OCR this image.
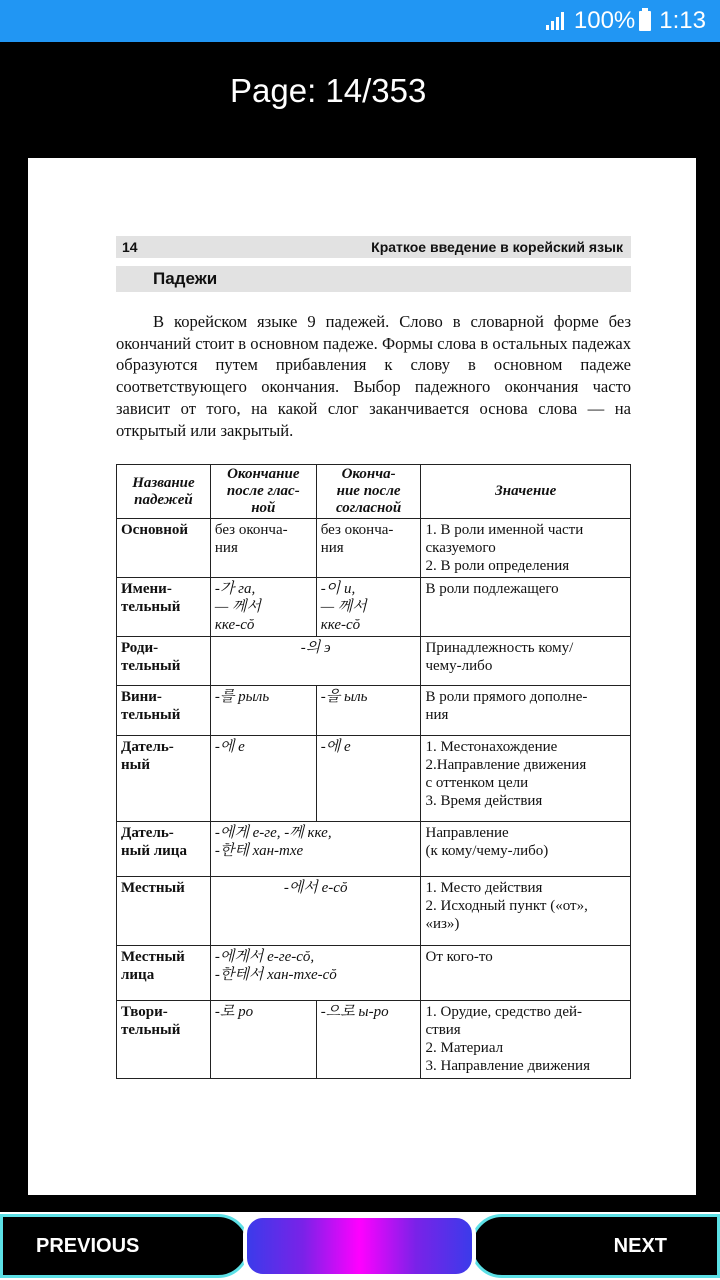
100% 1:13
Page: 14/353
14	Краткое введение в корейский язык
Падежи

В корейском языке 9 падежей. Слово в словарной форме без окончаний стоит в основном падеже. Формы слова в остальных падежах образуются путем прибавления к слову в основном падеже соответствующего окончания. Выбор падежного окончания часто зависит от того, на какой слог заканчивается основа слова — на открытый или закрытый.

Название
падежей	Окончание
после глас-
ной	Оконча-
ние после
согласной	Значение
Основной	без оконча-
ния	без оконча-
ния	1. В роли именной части сказуемого
2. В роли определения
Имени-
тельный	-가 га,
— 께서
кке-сŏ	-이 и,
— 께서
кке-сŏ	В роли подлежащего
Роди-
тельный	-의 э		Принадлежность кому/
чему-либо
Вини-
тельный	-를 рыль	-을 ыль	В роли прямого дополне-
ния
Датель-
ный	-에 е	-에 е	1. Местонахождение
2.Направление движения
с оттенком цели
3. Время действия
Датель-
ный лица	-에게 е-ге, -께 кке,
-한테 хан-тхе		Направление
(к кому/чему-либо)
Местный	-에서 е-сŏ		1. Место действия
2. Исходный пункт («от»,
«из»)
Местный
лица	-에게서 е-ге-сŏ,
-한테서 хан-тхе-сŏ		От кого-то
Твори-
тельный	-로 ро	-으로 ы-ро	1. Орудие, средство дей-
ствия
2. Материал
3. Направление движения
PREVIOUS	NEXT
